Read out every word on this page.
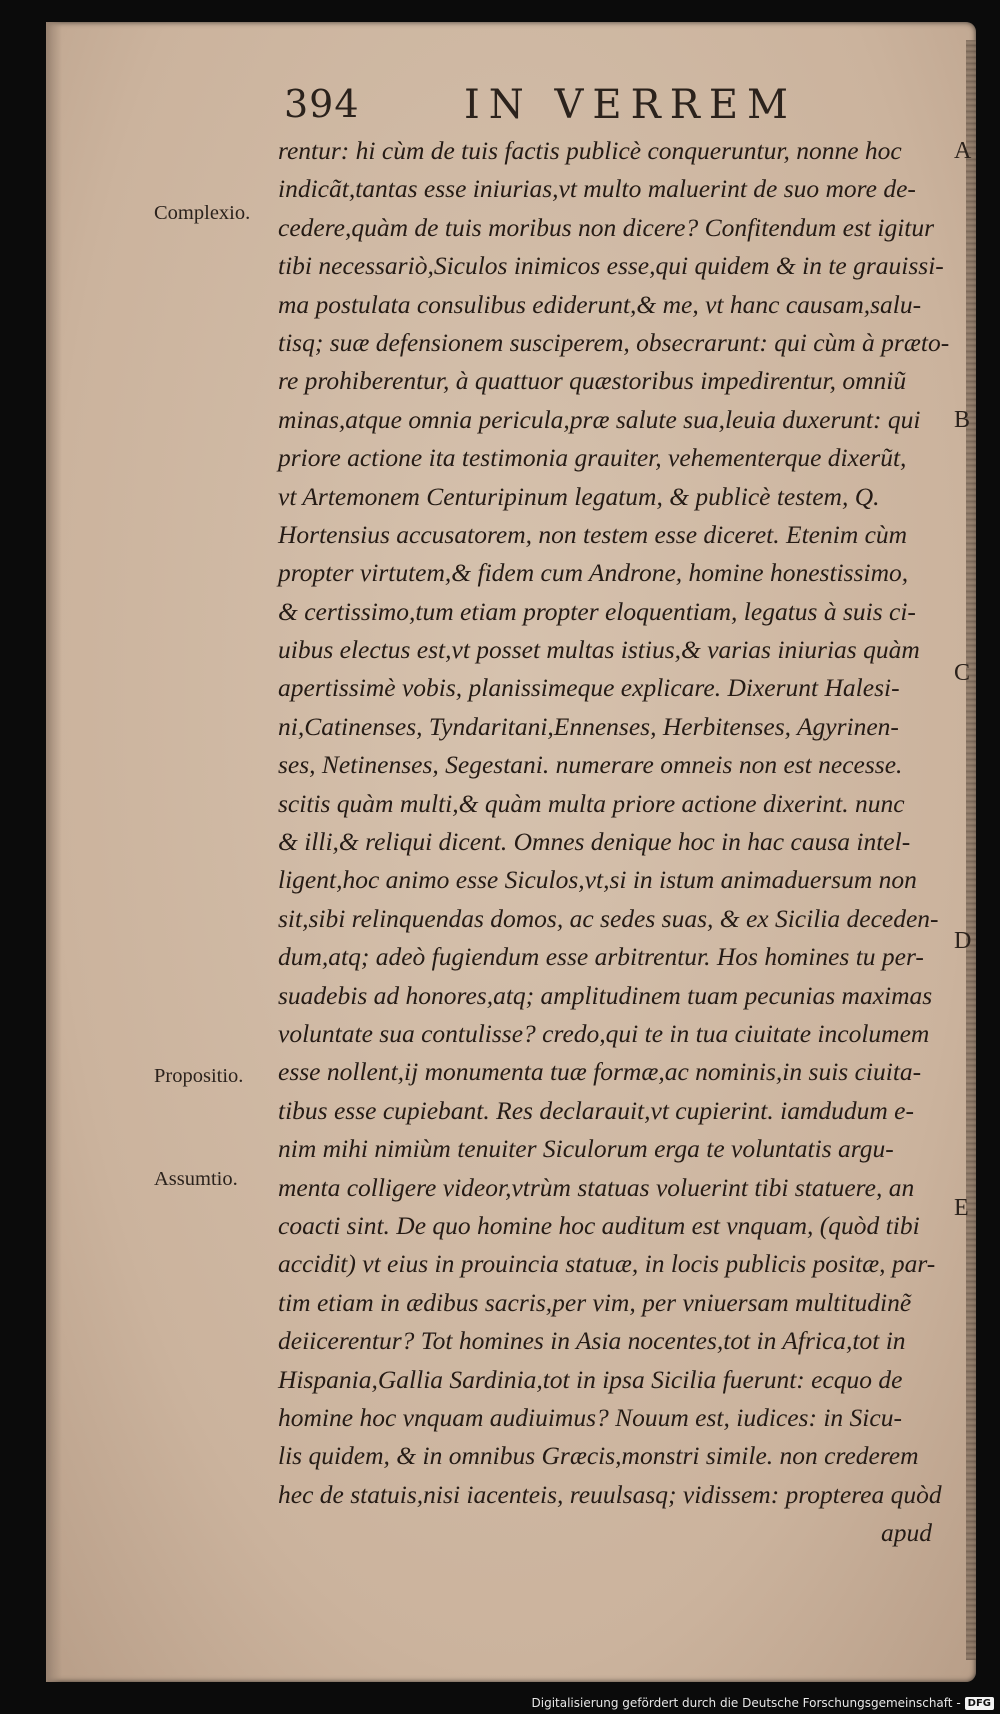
394	IN VERREM
Complexio.
Propositio.
Assumtio.
A
B
C
D
E
rentur: hi cùm de tuis factis publicè conqueruntur, nonne hoc
indicãt,tantas esse iniurias,vt multo maluerint de suo more de-
cedere,quàm de tuis moribus non dicere? Confitendum est igitur
tibi necessariò,Siculos inimicos esse,qui quidem & in te grauissi-
ma postulata consulibus ediderunt,& me, vt hanc causam,salu-
tisq; suæ defensionem susciperem, obsecrarunt: qui cùm à præto-
re prohiberentur, à quattuor quæstoribus impedirentur, omniũ
minas,atque omnia pericula,præ salute sua,leuia duxerunt: qui
priore actione ita testimonia grauiter, vehementerque dixerũt,
vt Artemonem Centuripinum legatum, & publicè testem, Q.
Hortensius accusatorem, non testem esse diceret. Etenim cùm
propter virtutem,& fidem cum Androne, homine honestissimo,
& certissimo,tum etiam propter eloquentiam, legatus à suis ci-
uibus electus est,vt posset multas istius,& varias iniurias quàm
apertissimè vobis, planissimeque explicare. Dixerunt Halesi-
ni,Catinenses, Tyndaritani,Ennenses, Herbitenses, Agyrinen-
ses, Netinenses, Segestani. numerare omneis non est necesse.
scitis quàm multi,& quàm multa priore actione dixerint. nunc
& illi,& reliqui dicent. Omnes denique hoc in hac causa intel-
ligent,hoc animo esse Siculos,vt,si in istum animaduersum non
sit,sibi relinquendas domos, ac sedes suas, & ex Sicilia deceden-
dum,atq; adeò fugiendum esse arbitrentur. Hos homines tu per-
suadebis ad honores,atq; amplitudinem tuam pecunias maximas
voluntate sua contulisse? credo,qui te in tua ciuitate incolumem
esse nollent,ij monumenta tuæ formæ,ac nominis,in suis ciuita-
tibus esse cupiebant. Res declarauit,vt cupierint. iamdudum e-
nim mihi nimiùm tenuiter Siculorum erga te voluntatis argu-
menta colligere videor,vtrùm statuas voluerint tibi statuere, an
coacti sint. De quo homine hoc auditum est vnquam, (quòd tibi
accidit) vt eius in prouincia statuæ, in locis publicis positæ, par-
tim etiam in ædibus sacris,per vim, per vniuersam multitudinẽ
deiicerentur? Tot homines in Asia nocentes,tot in Africa,tot in
Hispania,Gallia Sardinia,tot in ipsa Sicilia fuerunt: ecquo de
homine hoc vnquam audiuimus? Nouum est, iudices: in Sicu-
lis quidem, & in omnibus Græcis,monstri simile. non crederem
hec de statuis,nisi iacenteis, reuulsasq; vidissem: propterea quòd
apud
Digitalisierung gefördert durch die Deutsche Forschungsgemeinschaft - DFG
